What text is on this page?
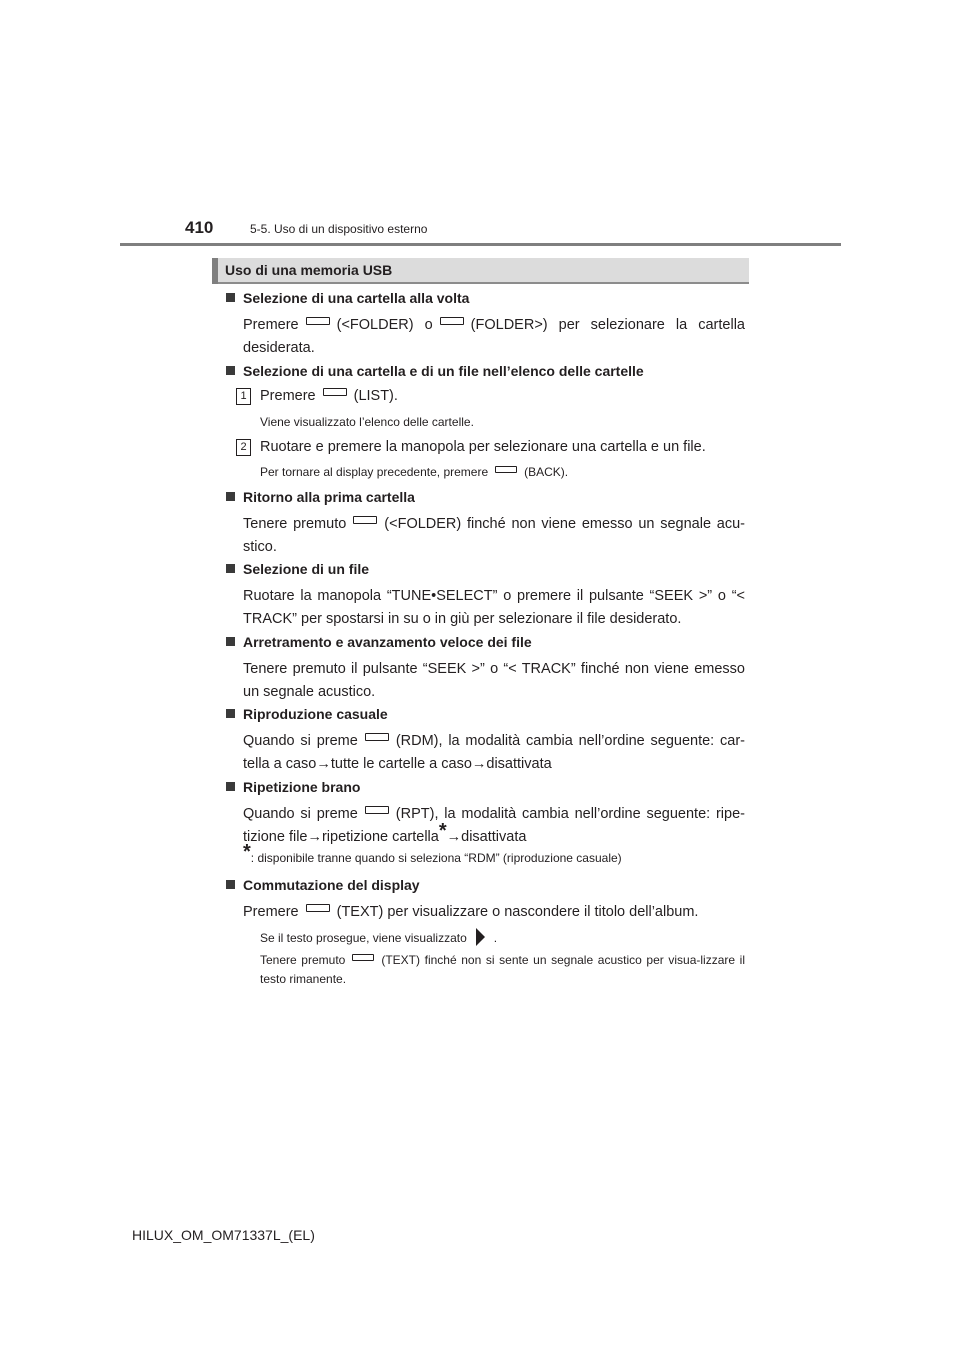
410	5-5. Uso di un dispositivo esterno
Uso di una memoria USB
Selezione di una cartella alla volta
Premere	(<FOLDER) o	(FOLDER>) per selezionare la cartella desiderata.
Selezione di una cartella e di un file nell’elenco delle cartelle
1 Premere	(LIST).
Viene visualizzato l’elenco delle cartelle.
2 Ruotare e premere la manopola per selezionare una cartella e un file.
Per tornare al display precedente, premere	(BACK).
Ritorno alla prima cartella
Tenere premuto	(<FOLDER) finché non viene emesso un segnale acu-stico.
Selezione di un file
Ruotare la manopola “TUNE•SELECT” o premere il pulsante “SEEK >” o “< TRACK” per spostarsi in su o in giù per selezionare il file desiderato.
Arretramento e avanzamento veloce dei file
Tenere premuto il pulsante “SEEK >” o “< TRACK” finché non viene emesso un segnale acustico.
Riproduzione casuale
Quando si preme	(RDM), la modalità cambia nell’ordine seguente: car-tella a caso→tutte le cartelle a caso→disattivata
Ripetizione brano
Quando si preme	(RPT), la modalità cambia nell’ordine seguente: ripe-tizione file→ripetizione cartella*→disattivata
*: disponibile tranne quando si seleziona “RDM” (riproduzione casuale)
Commutazione del display
Premere	(TEXT) per visualizzare o nascondere il titolo dell’album.
Se il testo prosegue, viene visualizzato .
Tenere premuto	(TEXT) finché non si sente un segnale acustico per visua-lizzare il testo rimanente.
HILUX_OM_OM71337L_(EL)
